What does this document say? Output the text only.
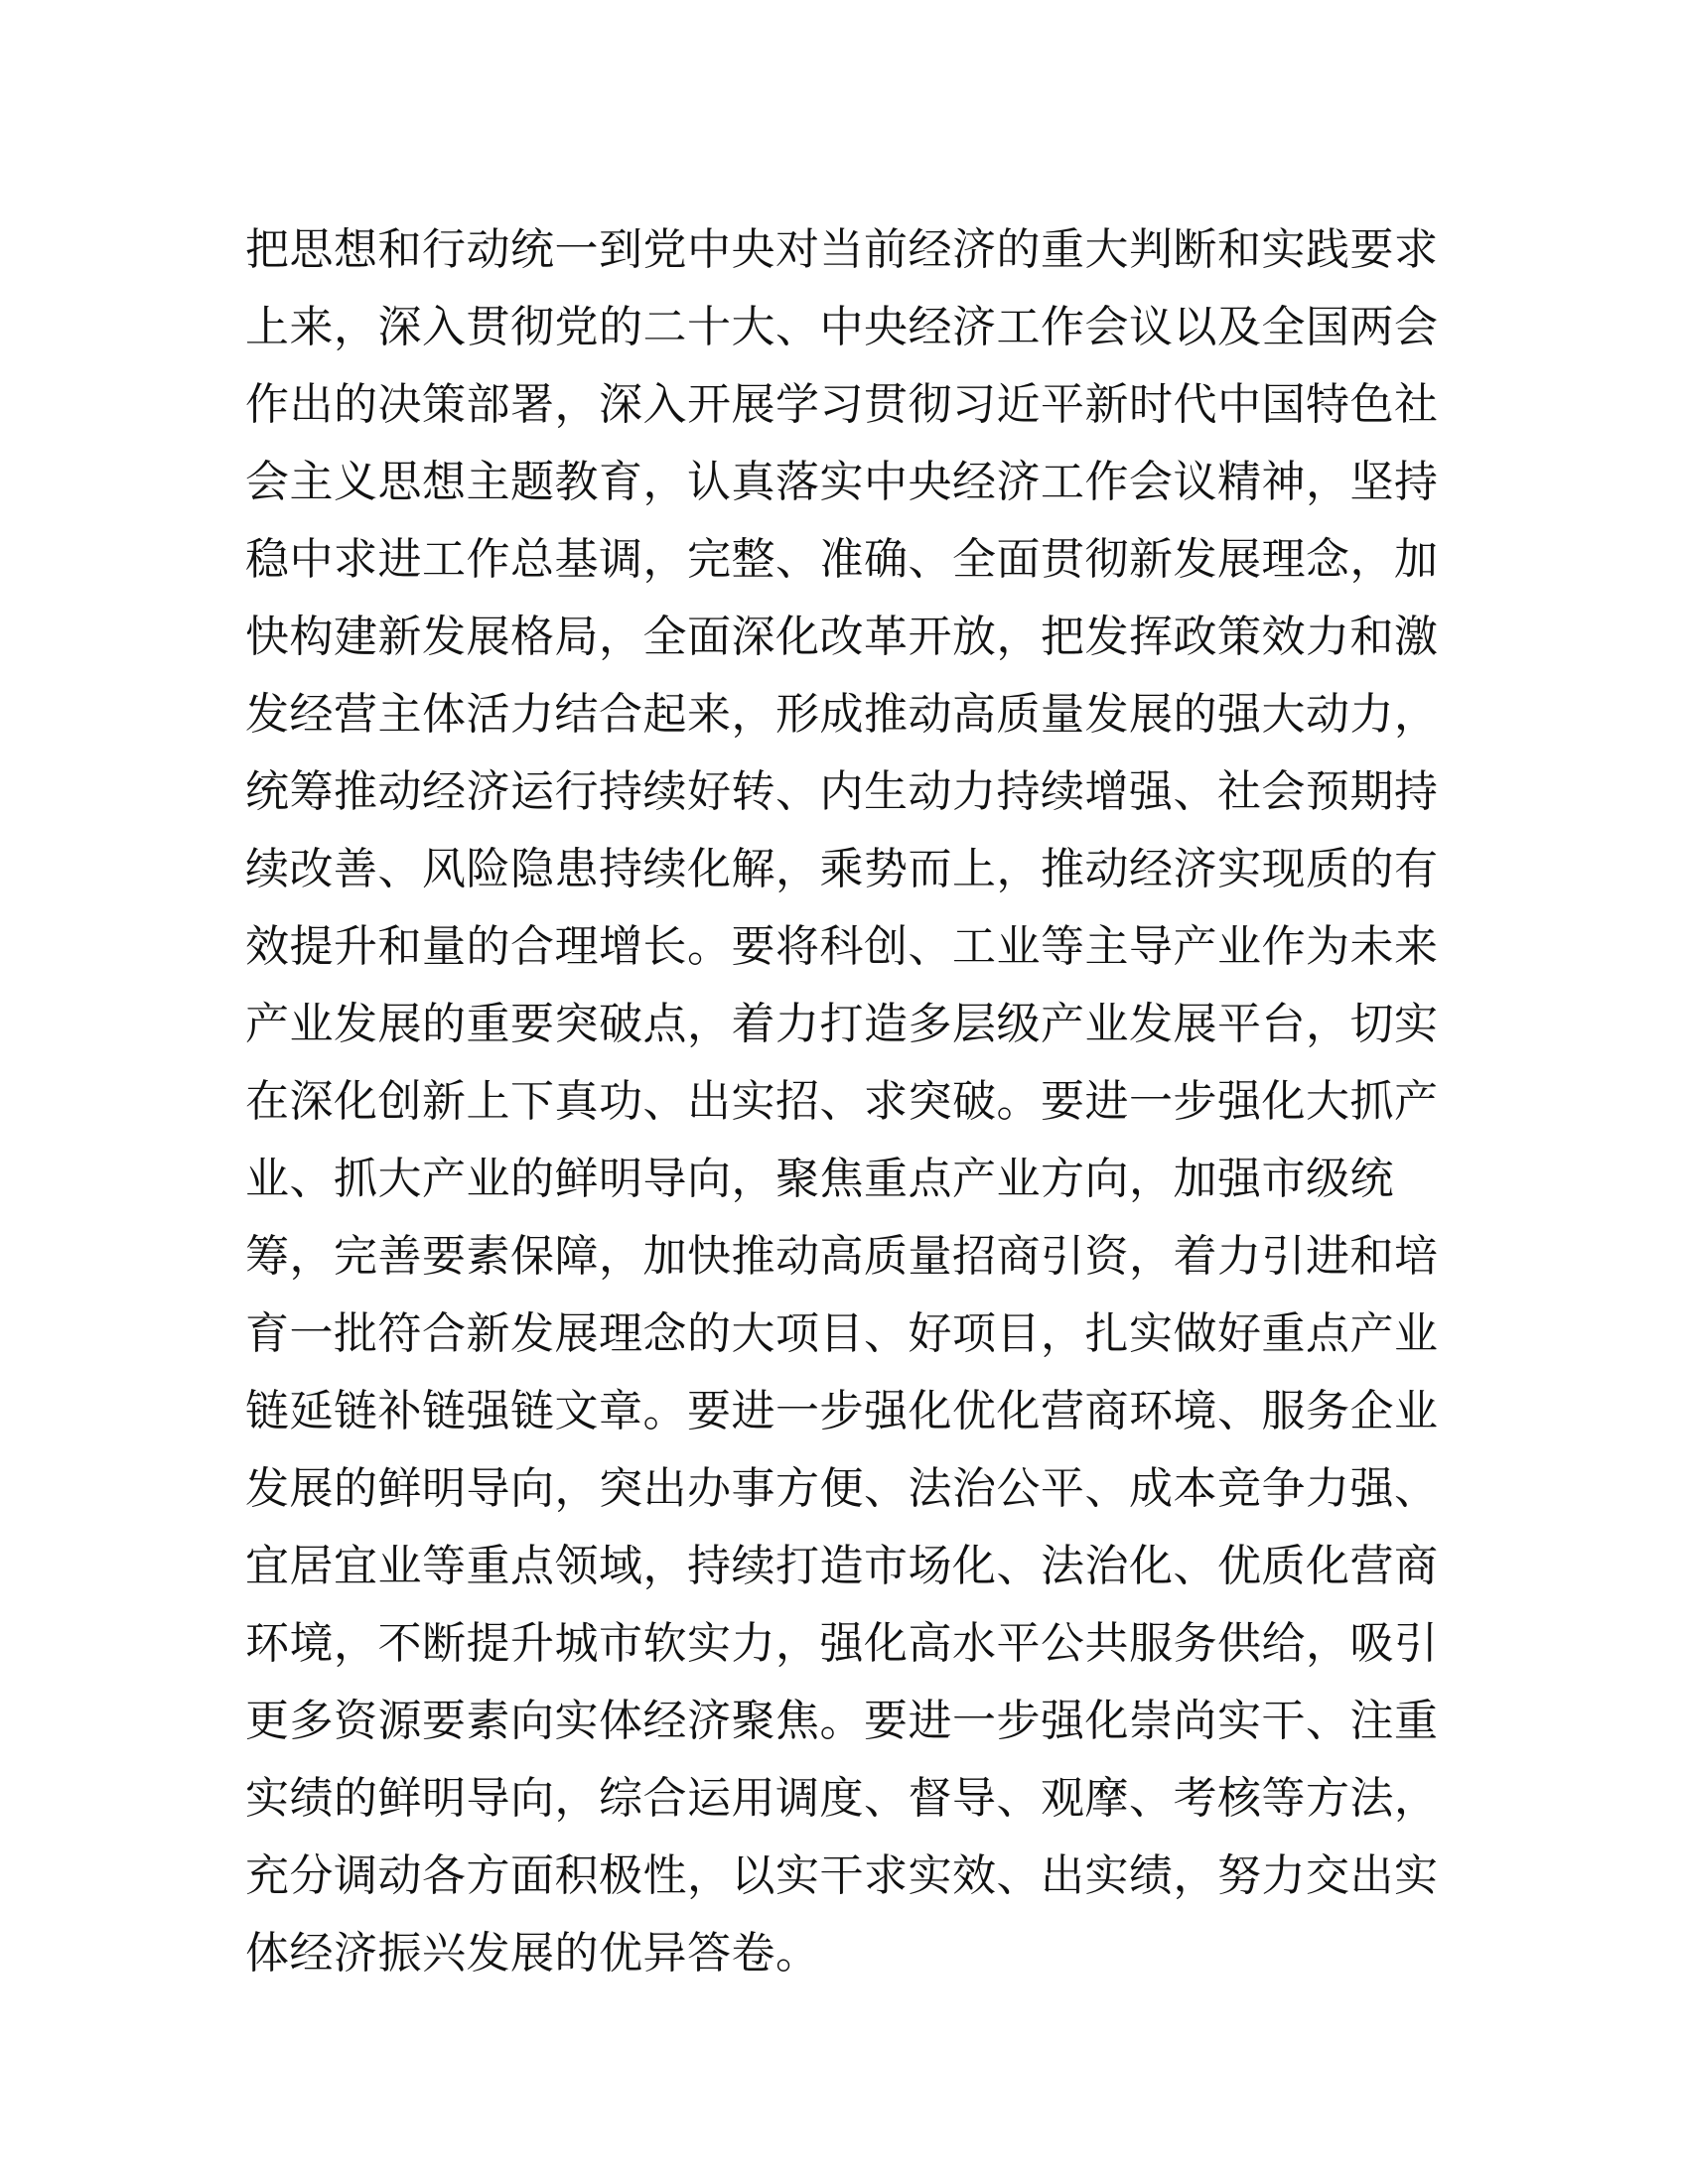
把思想和行动统一到党中央对当前经济的重大判断和实践要求
上来，深入贯彻党的二十大、中央经济工作会议以及全国两会
作出的决策部署，深入开展学习贯彻习近平新时代中国特色社
会主义思想主题教育，认真落实中央经济工作会议精神，坚持
稳中求进工作总基调，完整、准确、全面贯彻新发展理念，加
快构建新发展格局，全面深化改革开放，把发挥政策效力和激
发经营主体活力结合起来，形成推动高质量发展的强大动力，
统筹推动经济运行持续好转、内生动力持续增强、社会预期持
续改善、风险隐患持续化解，乘势而上，推动经济实现质的有
效提升和量的合理增长。要将科创、工业等主导产业作为未来
产业发展的重要突破点，着力打造多层级产业发展平台，切实
在深化创新上下真功、出实招、求突破。要进一步强化大抓产
业、抓大产业的鲜明导向，聚焦重点产业方向，加强市级统
筹，完善要素保障，加快推动高质量招商引资，着力引进和培
育一批符合新发展理念的大项目、好项目，扎实做好重点产业
链延链补链强链文章。要进一步强化优化营商环境、服务企业
发展的鲜明导向，突出办事方便、法治公平、成本竞争力强、
宜居宜业等重点领域，持续打造市场化、法治化、优质化营商
环境，不断提升城市软实力，强化高水平公共服务供给，吸引
更多资源要素向实体经济聚焦。要进一步强化崇尚实干、注重
实绩的鲜明导向，综合运用调度、督导、观摩、考核等方法，
充分调动各方面积极性，以实干求实效、出实绩，努力交出实
体经济振兴发展的优异答卷。
